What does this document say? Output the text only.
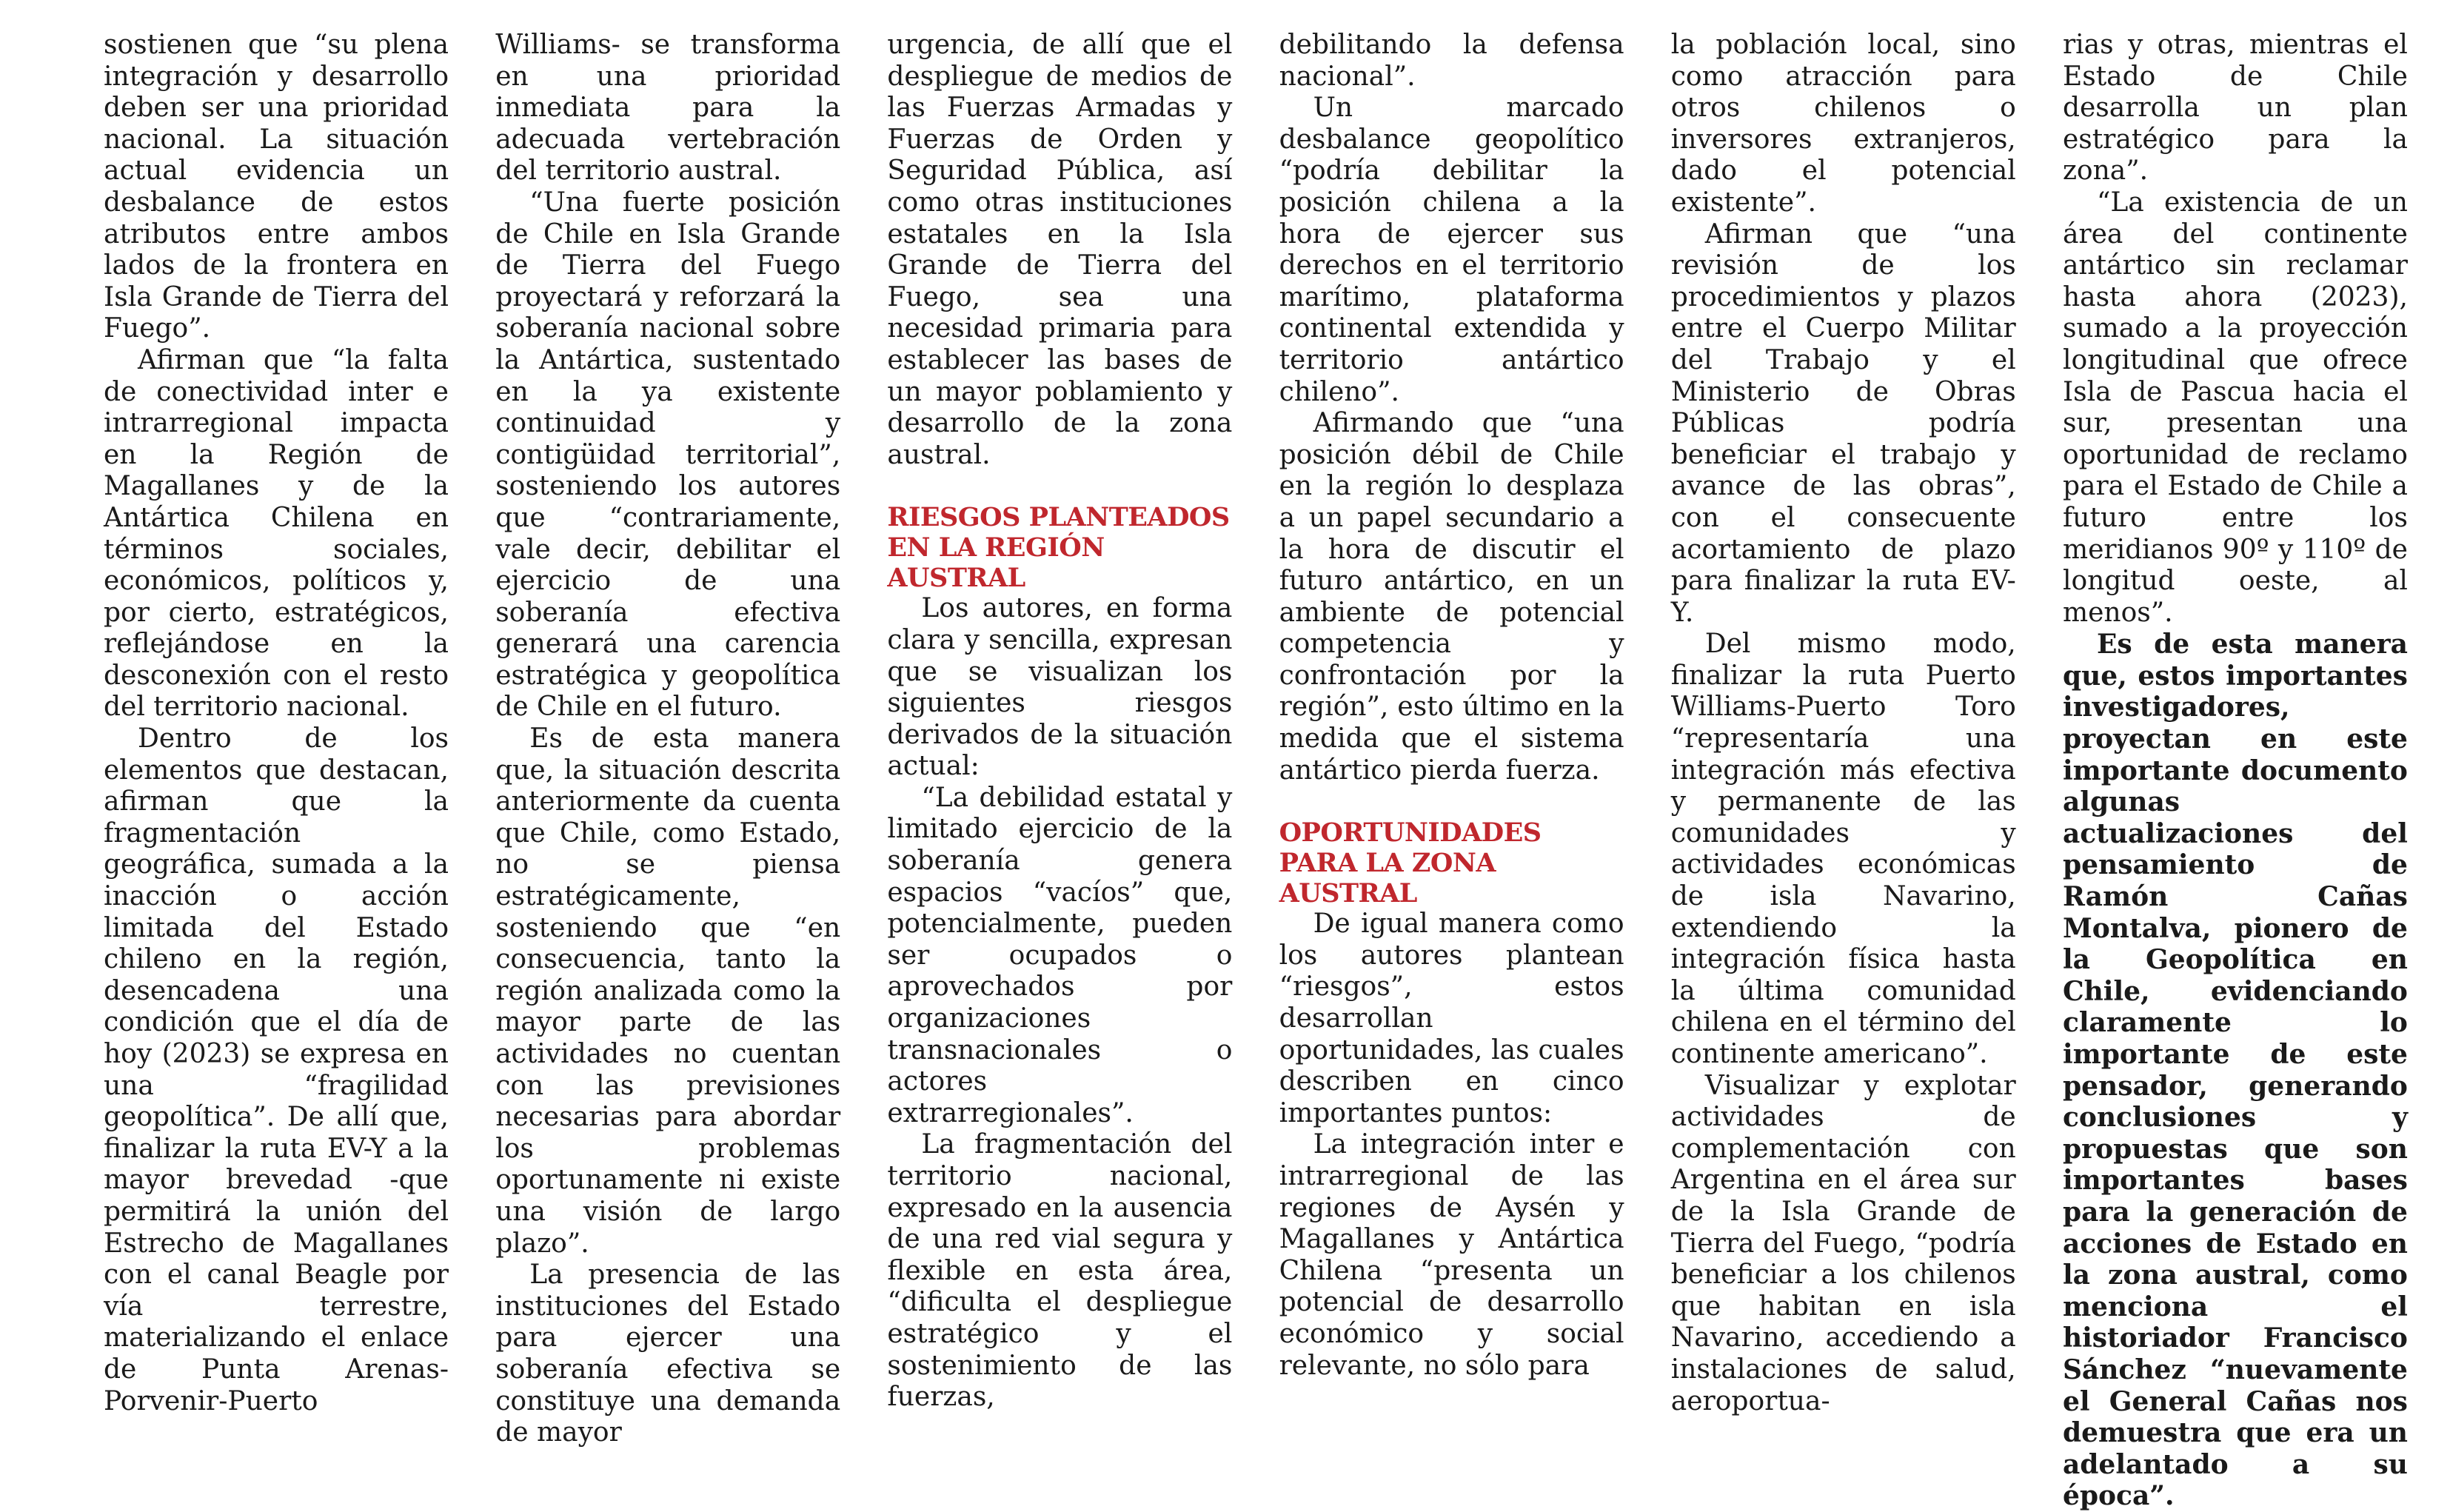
sostienen que “su plena integración y desarrollo deben ser una prioridad nacional. La situación actual evidencia un desbalance de estos atributos entre ambos lados de la frontera en Isla Grande de Tierra del Fuego”.

Afirman que “la falta de conectividad inter e intrarregional impacta en la Región de Magallanes y de la Antártica Chilena en términos sociales, económicos, políticos y, por cierto, estratégicos, reflejándose en la desconexión con el resto del territorio nacional.

Dentro de los elementos que destacan, afirman que la fragmentación geográfica, sumada a la inacción o acción limitada del Estado chileno en la región, desencadena una condición que el día de hoy (2023) se expresa en una “fragilidad geopolítica”. De allí que, finalizar la ruta EV-Y a la mayor brevedad -que permitirá la unión del Estrecho de Magallanes con el canal Beagle por vía terrestre, materializando el enlace de Punta Arenas-Porvenir-Puerto

Williams- se transforma en una prioridad inmediata para la adecuada vertebración del territorio austral.

“Una fuerte posición de Chile en Isla Grande de Tierra del Fuego proyectará y reforzará la soberanía nacional sobre la Antártica, sustentado en la ya existente continuidad y contigüidad territorial”, sosteniendo los autores que “contrariamente, vale decir, debilitar el ejercicio de una soberanía efectiva generará una carencia estratégica y geopolítica de Chile en el futuro.

Es de esta manera que, la situación descrita anteriormente da cuenta que Chile, como Estado, no se piensa estratégicamente, sosteniendo que “en consecuencia, tanto la región analizada como la mayor parte de las actividades no cuentan con las previsiones necesarias para abordar los problemas oportunamente ni existe una visión de largo plazo”.

La presencia de las instituciones del Estado para ejercer una soberanía efectiva se constituye una demanda de mayor

urgencia, de allí que el despliegue de medios de las Fuerzas Armadas y Fuerzas de Orden y Seguridad Pública, así como otras instituciones estatales en la Isla Grande de Tierra del Fuego, sea una necesidad primaria para establecer las bases de un mayor poblamiento y desarrollo de la zona austral.

RIESGOS PLANTEADOS EN LA REGIÓN AUSTRAL

Los autores, en forma clara y sencilla, expresan que se visualizan los siguientes riesgos derivados de la situación actual:

“La debilidad estatal y limitado ejercicio de la soberanía genera espacios “vacíos” que, potencialmente, pueden ser ocupados o aprovechados por organizaciones transnacionales o actores extrarregionales”.

La fragmentación del territorio nacional, expresado en la ausencia de una red vial segura y flexible en esta área, “dificulta el despliegue estratégico y el sostenimiento de las fuerzas,

debilitando la defensa nacional”.

Un marcado desbalance geopolítico “podría debilitar la posición chilena a la hora de ejercer sus derechos en el territorio marítimo, plataforma continental extendida y territorio antártico chileno”.

Afirmando que “una posición débil de Chile en la región lo desplaza a un papel secundario a la hora de discutir el futuro antártico, en un ambiente de potencial competencia y confrontación por la región”, esto último en la medida que el sistema antártico pierda fuerza.

OPORTUNIDADES PARA LA ZONA AUSTRAL

De igual manera como los autores plantean “riesgos”, estos desarrollan oportunidades, las cuales describen en cinco importantes puntos:

La integración inter e intrarregional de las regiones de Aysén y Magallanes y Antártica Chilena “presenta un potencial de desarrollo económico y social relevante, no sólo para

la población local, sino como atracción para otros chilenos o inversores extranjeros, dado el potencial existente”.

Afirman que “una revisión de los procedimientos y plazos entre el Cuerpo Militar del Trabajo y el Ministerio de Obras Públicas podría beneficiar el trabajo y avance de las obras”, con el consecuente acortamiento de plazo para finalizar la ruta EV-Y.

Del mismo modo, finalizar la ruta Puerto Williams-Puerto Toro “representaría una integración más efectiva y permanente de las comunidades y actividades económicas de isla Navarino, extendiendo la integración física hasta la última comunidad chilena en el término del continente americano”.

Visualizar y explotar actividades de complementación con Argentina en el área sur de la Isla Grande de Tierra del Fuego, “podría beneficiar a los chilenos que habitan en isla Navarino, accediendo a instalaciones de salud, aeroportua-

rias y otras, mientras el Estado de Chile desarrolla un plan estratégico para la zona”.

“La existencia de un área del continente antártico sin reclamar hasta ahora (2023), sumado a la proyección longitudinal que ofrece Isla de Pascua hacia el sur, presentan una oportunidad de reclamo para el Estado de Chile a futuro entre los meridianos 90º y 110º de longitud oeste, al menos”.

Es de esta manera que, estos importantes investigadores, proyectan en este importante documento algunas actualizaciones del pensamiento de Ramón Cañas Montalva, pionero de la Geopolítica en Chile, evidenciando claramente lo importante de este pensador, generando conclusiones y propuestas que son importantes bases para la generación de acciones de Estado en la zona austral, como menciona el historiador Francisco Sánchez “nuevamente el General Cañas nos demuestra que era un adelantado a su época”.
